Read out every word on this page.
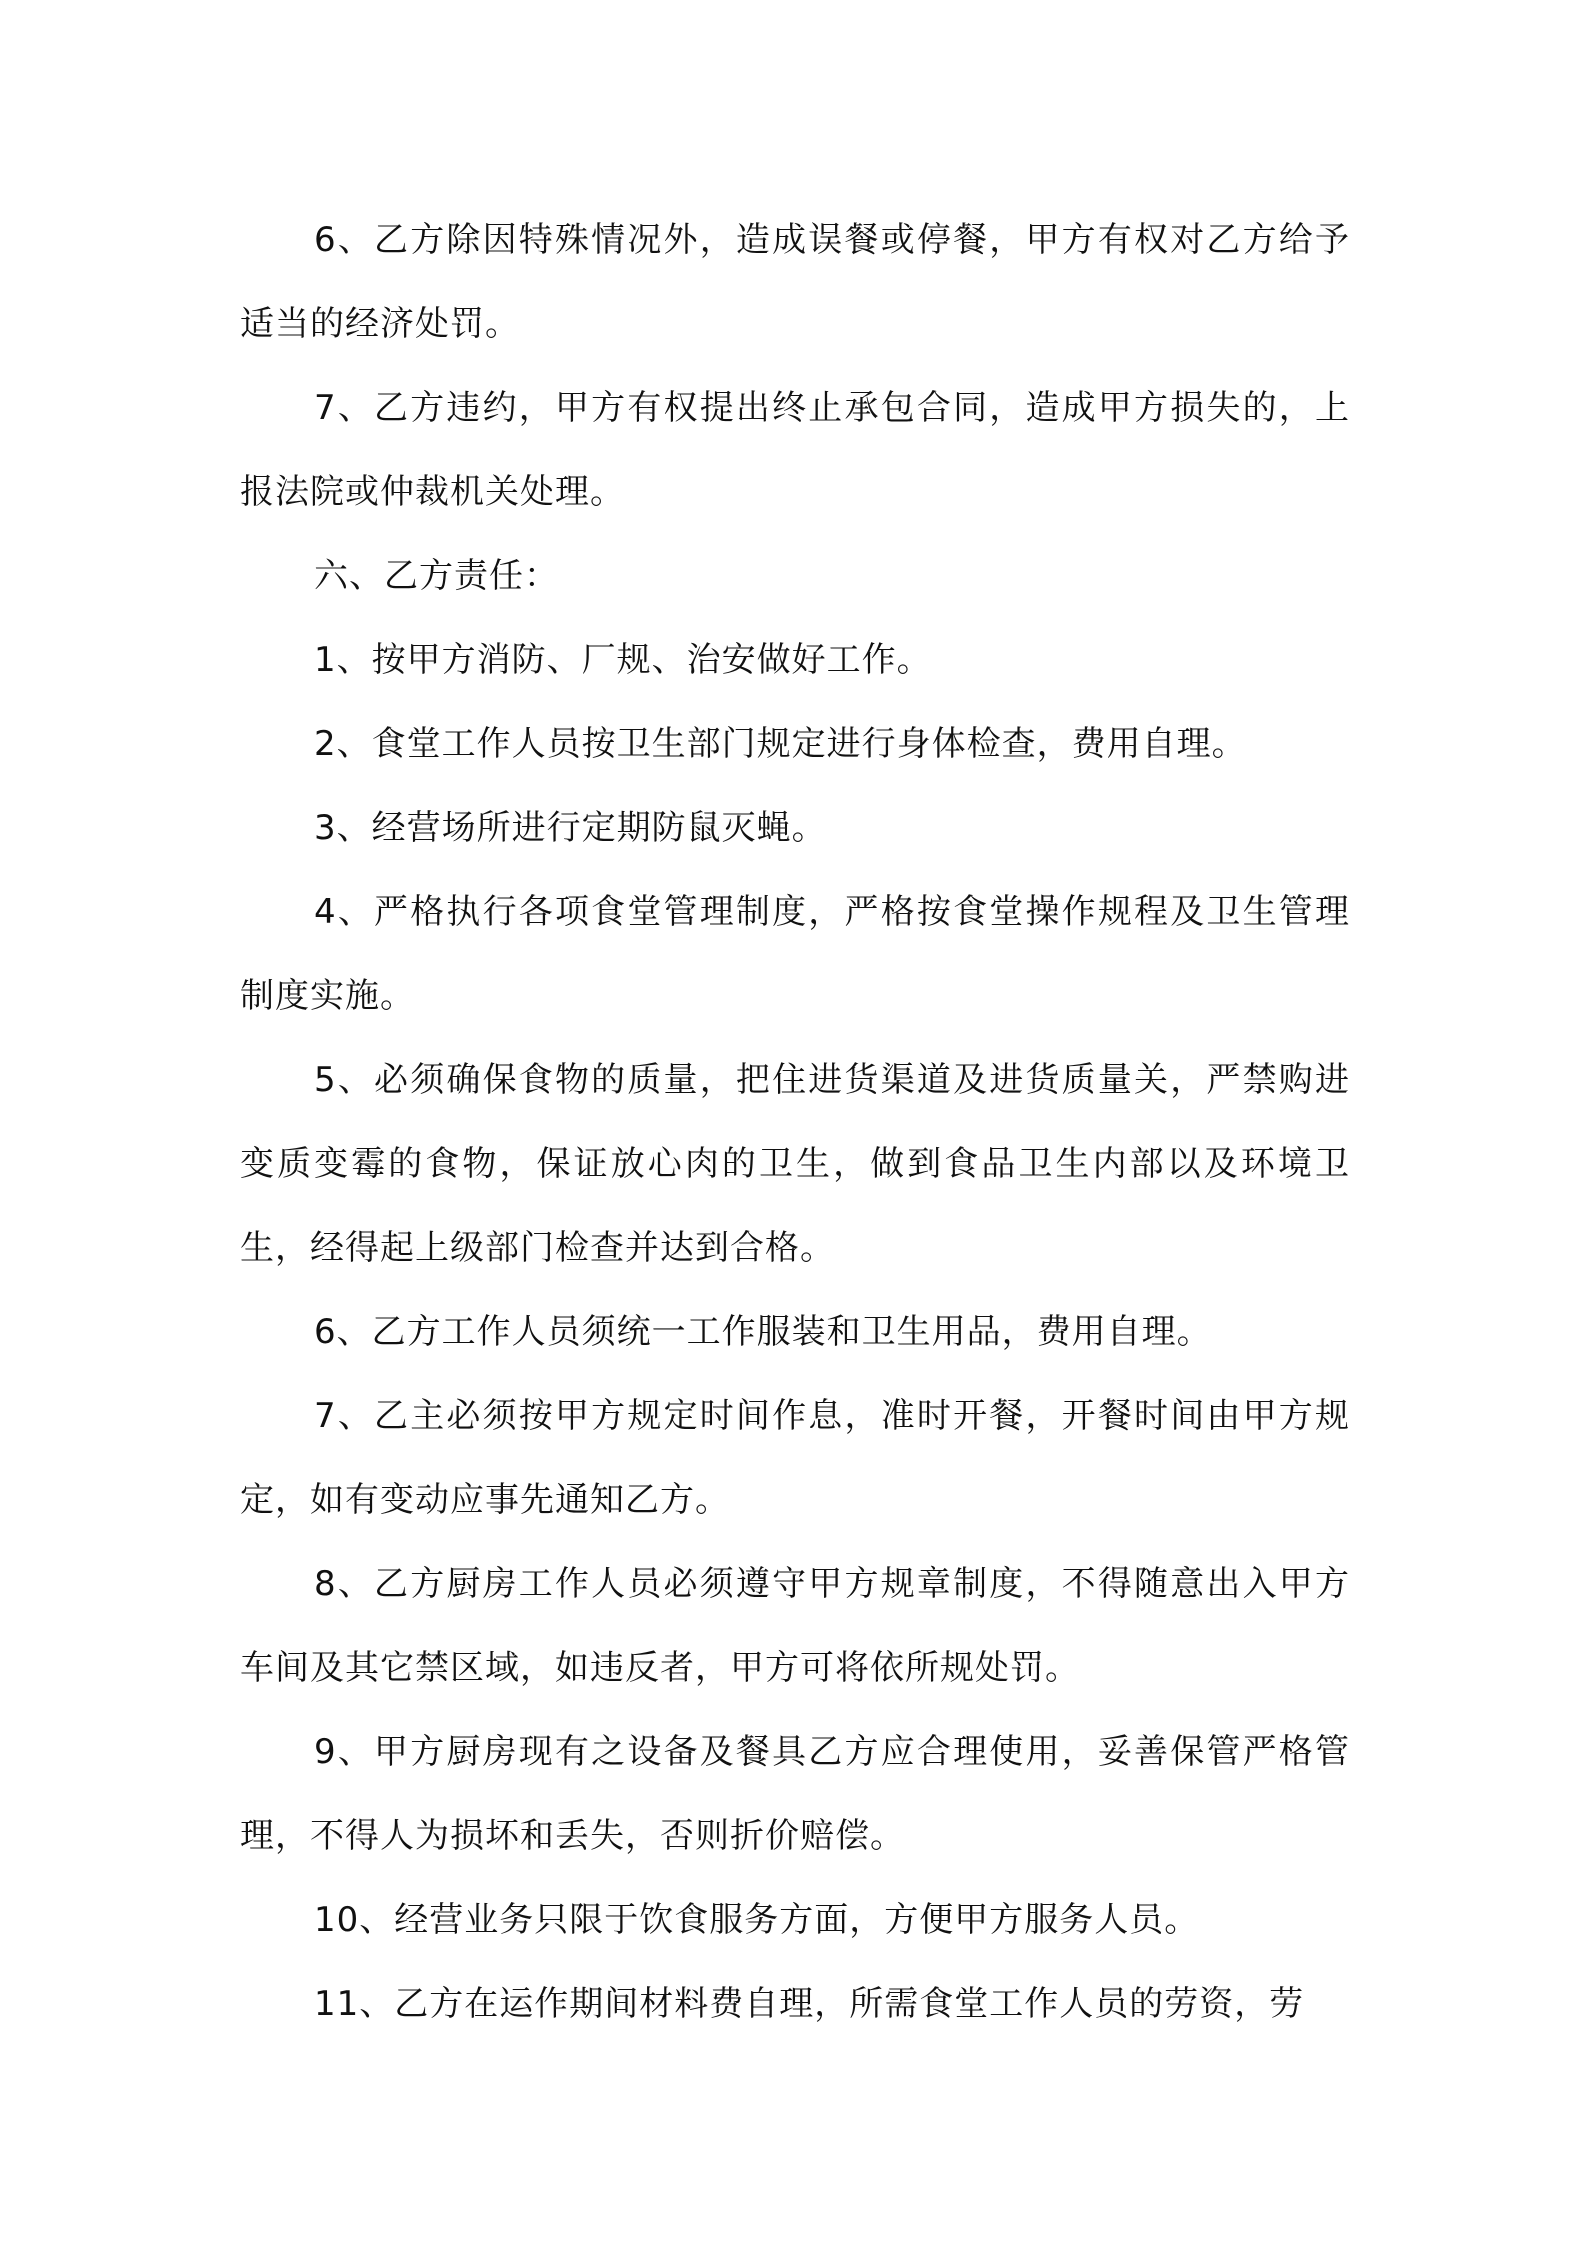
6、乙方除因特殊情况外，造成误餐或停餐，甲方有权对乙方给予适当的经济处罚。

7、乙方违约，甲方有权提出终止承包合同，造成甲方损失的，上报法院或仲裁机关处理。

六、乙方责任：

1、按甲方消防、厂规、治安做好工作。

2、食堂工作人员按卫生部门规定进行身体检查，费用自理。

3、经营场所进行定期防鼠灭蝇。

4、严格执行各项食堂管理制度，严格按食堂操作规程及卫生管理制度实施。

5、必须确保食物的质量，把住进货渠道及进货质量关，严禁购进变质变霉的食物，保证放心肉的卫生，做到食品卫生内部以及环境卫生，经得起上级部门检查并达到合格。

6、乙方工作人员须统一工作服装和卫生用品，费用自理。

7、乙主必须按甲方规定时间作息，准时开餐，开餐时间由甲方规定，如有变动应事先通知乙方。

8、乙方厨房工作人员必须遵守甲方规章制度，不得随意出入甲方车间及其它禁区域，如违反者，甲方可将依所规处罚。

9、甲方厨房现有之设备及餐具乙方应合理使用，妥善保管严格管理，不得人为损坏和丢失，否则折价赔偿。

10、经营业务只限于饮食服务方面，方便甲方服务人员。

11、乙方在运作期间材料费自理，所需食堂工作人员的劳资，劳
